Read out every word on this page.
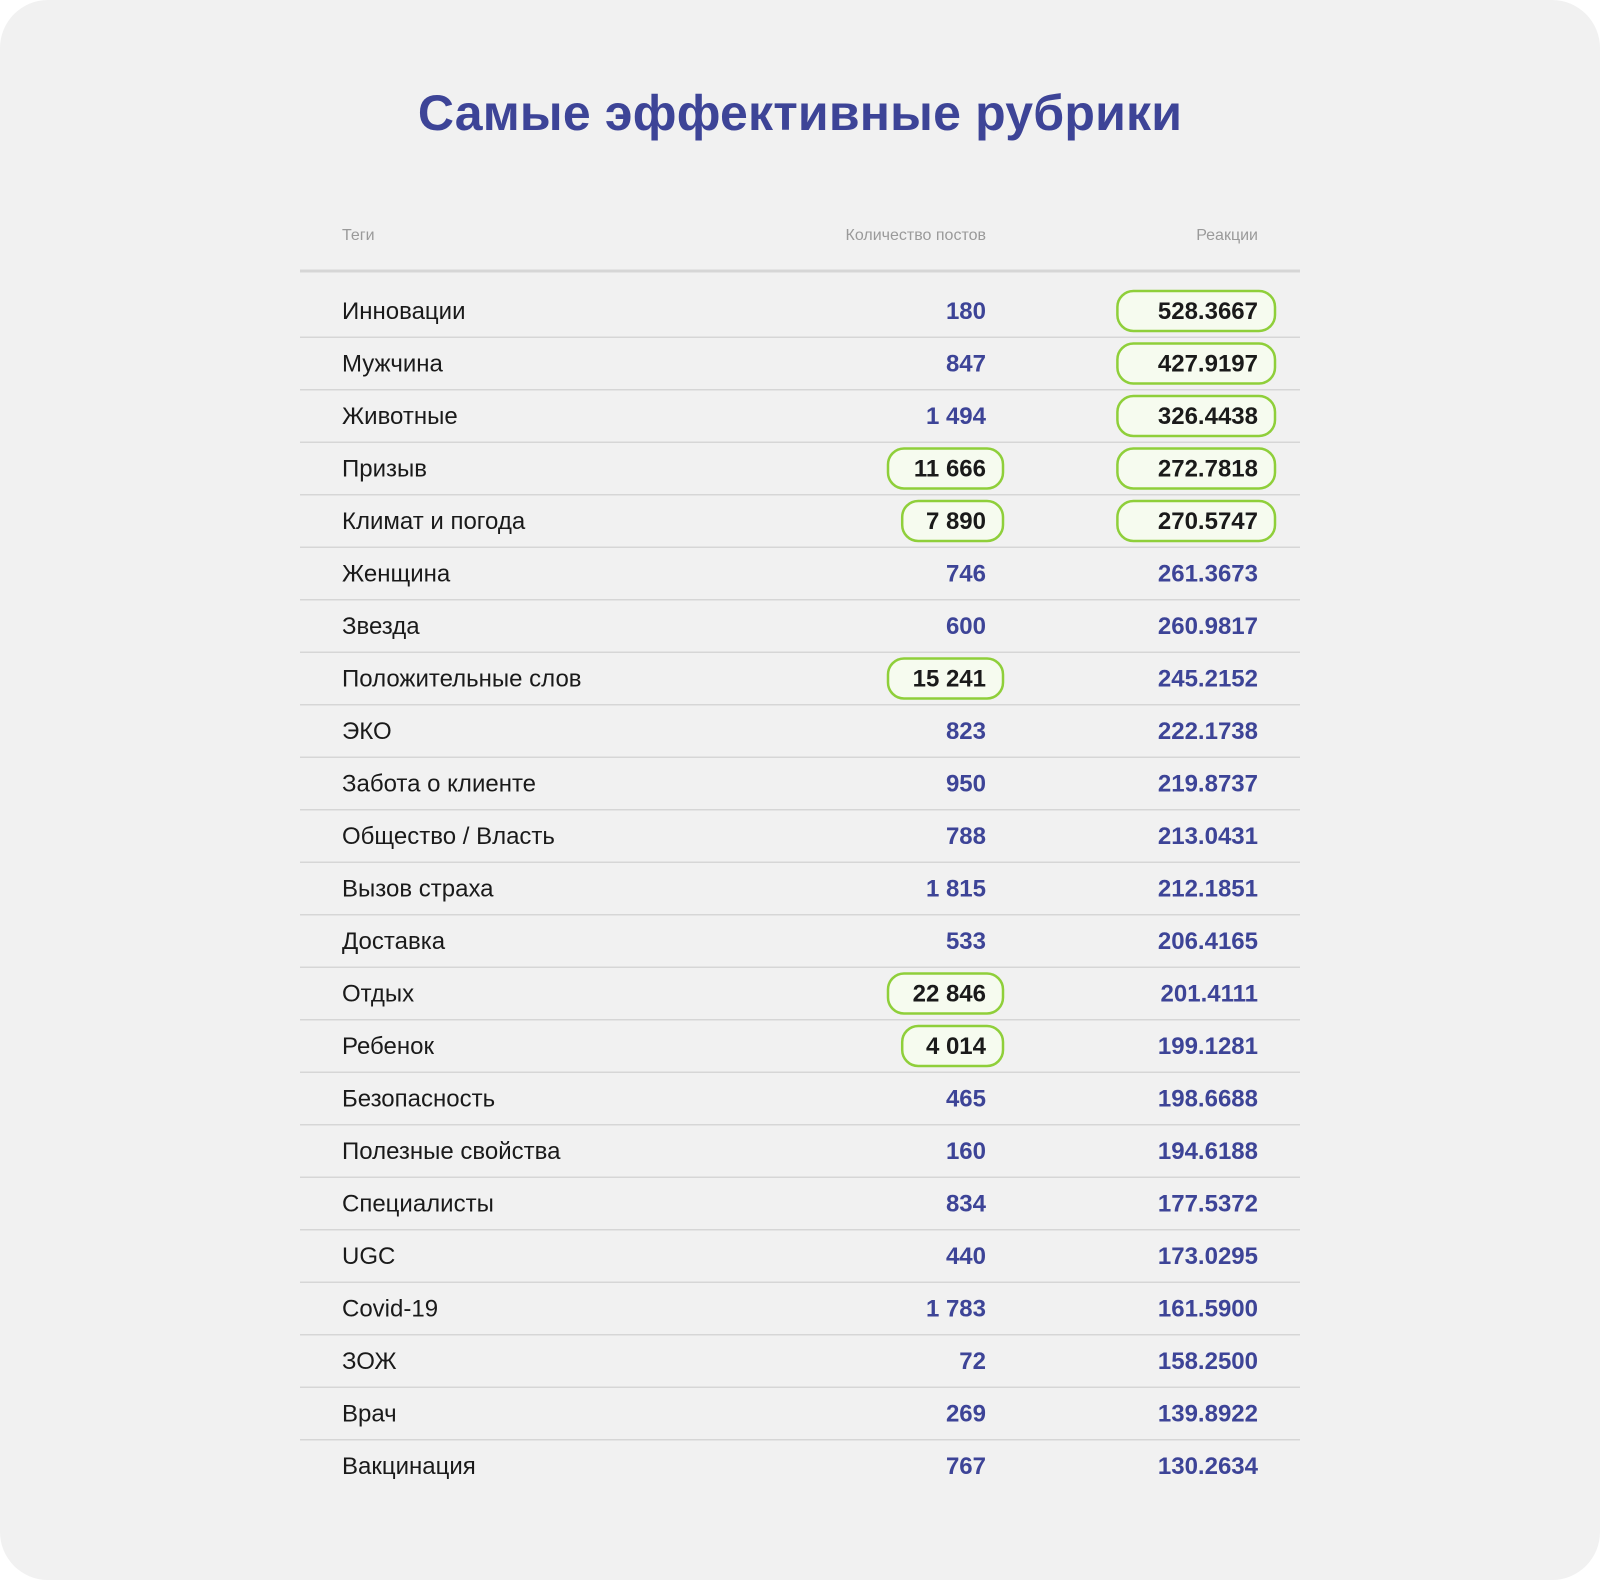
Самые эффективные рубрики
Теги	Количество постов	Реакции
Инновации	180	528.3667
Мужчина	847	427.9197
Животные	1 494	326.4438
Призыв	11 666	272.7818
Климат и погода	7 890	270.5747
Женщина	746	261.3673
Звезда	600	260.9817
Положительные слов	15 241	245.2152
ЭКО	823	222.1738
Забота о клиенте	950	219.8737
Общество / Власть	788	213.0431
Вызов страха	1 815	212.1851
Доставка	533	206.4165
Отдых	22 846	201.4111
Ребенок	4 014	199.1281
Безопасность	465	198.6688
Полезные свойства	160	194.6188
Специалисты	834	177.5372
UGC	440	173.0295
Covid-19	1 783	161.5900
ЗОЖ	72	158.2500
Врач	269	139.8922
Вакцинация	767	130.2634
